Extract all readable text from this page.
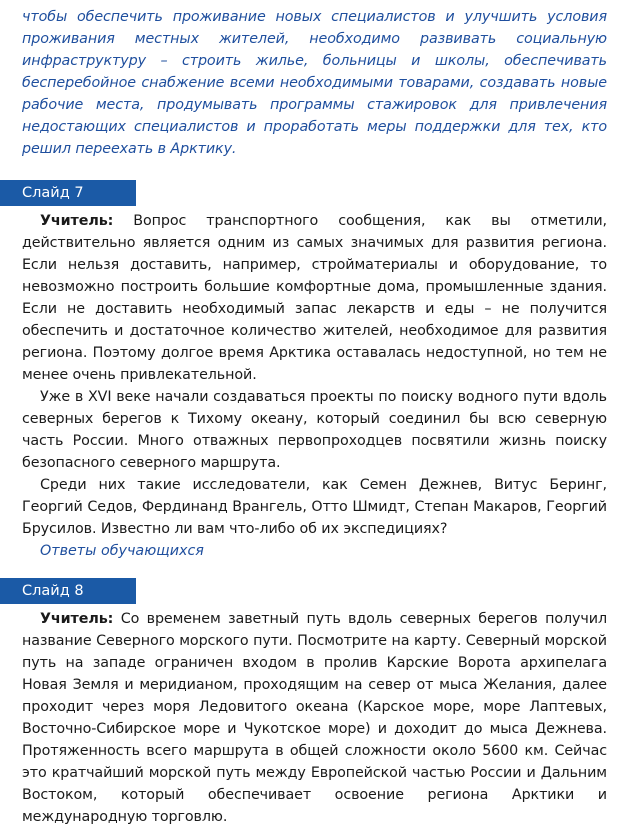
чтобы обеспечить проживание новых специалистов и улучшить условия проживания местных жителей, необходимо развивать социальную инфраструктуру – строить жилье, больницы и школы, обеспечивать бесперебойное снабжение всеми необходимыми товарами, создавать новые рабочие места, продумывать программы стажировок для привлечения недостающих специалистов и проработать меры поддержки для тех, кто решил переехать в Арктику.

Слайд 7

Учитель: Вопрос транспортного сообщения, как вы отметили, действительно является одним из самых значимых для развития региона. Если нельзя доставить, например, стройматериалы и оборудование, то невозможно построить большие комфортные дома, промышленные здания. Если не доставить необходимый запас лекарств и еды – не получится обеспечить и достаточное количество жителей, необходимое для развития региона. Поэтому долгое время Арктика оставалась недоступной, но тем не менее очень привлекательной.

Уже в XVI веке начали создаваться проекты по поиску водного пути вдоль северных берегов к Тихому океану, который соединил бы всю северную часть России. Много отважных первопроходцев посвятили жизнь поиску безопасного северного маршрута.

Среди них такие исследователи, как Семен Дежнев, Витус Беринг, Георгий Седов, Фердинанд Врангель, Отто Шмидт, Степан Макаров, Георгий Брусилов. Известно ли вам что-либо об их экспедициях?

Ответы обучающихся

Слайд 8

Учитель: Со временем заветный путь вдоль северных берегов получил название Северного морского пути. Посмотрите на карту. Северный морской путь на западе ограничен входом в пролив Карские Ворота архипелага Новая Земля и меридианом, проходящим на север от мыса Желания, далее проходит через моря Ледовитого океана (Карское море, море Лаптевых, Восточно-Сибирское море и Чукотское море) и доходит до мыса Дежнева. Протяженность всего маршрута в общей сложности около 5600 км. Сейчас это кратчайший морской путь между Европейской частью России и Дальним Востоком, который обеспечивает освоение региона Арктики и международную торговлю.
